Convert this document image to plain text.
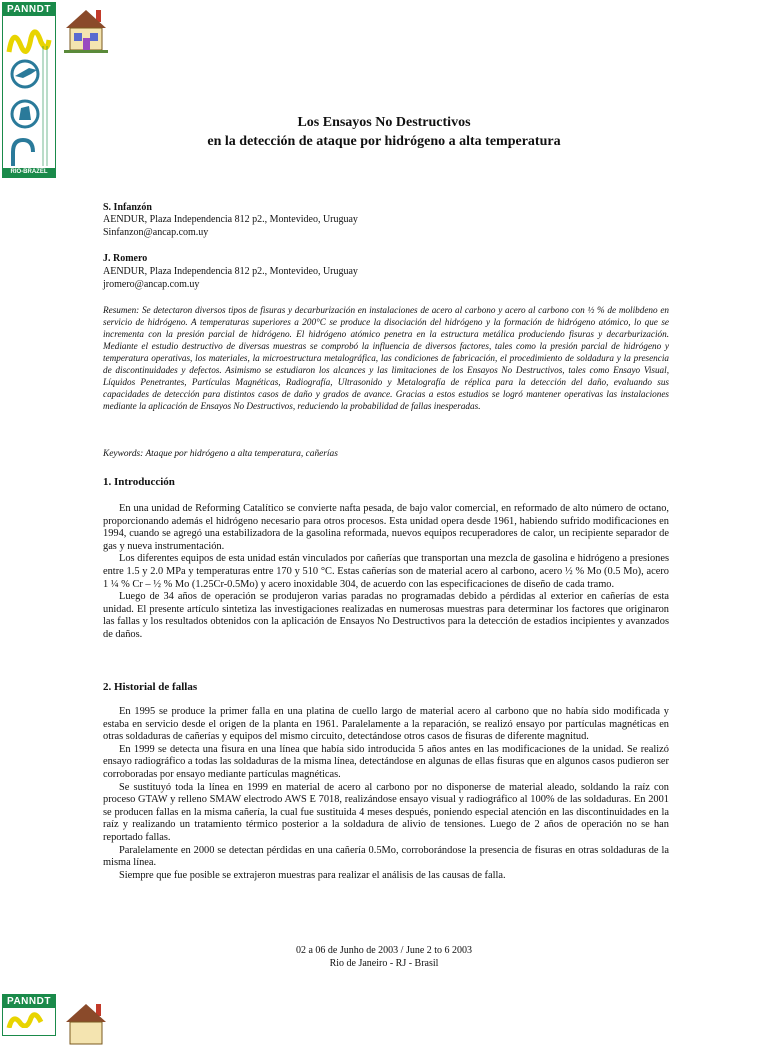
PANNDT
RIO-BRAZEL
Los Ensayos No Destructivos
en la detección de ataque por hidrógeno a alta temperatura
S. Infanzón
AENDUR, Plaza Independencia 812 p2., Montevideo, Uruguay
Sinfanzon@ancap.com.uy
J. Romero
AENDUR, Plaza Independencia 812 p2., Montevideo, Uruguay
jromero@ancap.com.uy
Resumen: Se detectaron diversos tipos de fisuras y decarburización en instalaciones de acero al carbono y acero al carbono con ½ % de molibdeno en servicio de hidrógeno. A temperaturas superiores a 200°C se produce la disociación del hidrógeno y la formación de hidrógeno atómico, lo que se incrementa con la presión parcial de hidrógeno. El hidrógeno atómico penetra en la estructura metálica produciendo fisuras y decarburización. Mediante el estudio destructivo de diversas muestras se comprobó la influencia de diversos factores, tales como la presión parcial de hidrógeno y temperatura operativas, los materiales, la microestructura metalográfica, las condiciones de fabricación, el procedimiento de soldadura y la presencia de discontinuidades y defectos. Asimismo se estudiaron los alcances y las limitaciones de los Ensayos No Destructivos, tales como Ensayo Visual, Líquidos Penetrantes, Partículas Magnéticas, Radiografía, Ultrasonido y Metalografía de réplica para la detección del daño, evaluando sus capacidades de detección para distintos casos de daño y grados de avance. Gracias a estos estudios se logró mantener operativas las instalaciones mediante la aplicación de Ensayos No Destructivos, reduciendo la probabilidad de fallas inesperadas.
Keywords: Ataque por hidrógeno a alta temperatura, cañerías
1. Introducción

En una unidad de Reforming Catalítico se convierte nafta pesada, de bajo valor comercial, en reformado de alto número de octano, proporcionando además el hidrógeno necesario para otros procesos. Esta unidad opera desde 1961, habiendo sufrido modificaciones en 1994, cuando se agregó una estabilizadora de la gasolina reformada, nuevos equipos recuperadores de calor, un recipiente separador de gas y nueva instrumentación.

Los diferentes equipos de esta unidad están vinculados por cañerías que transportan una mezcla de gasolina e hidrógeno a presiones entre 1.5 y 2.0 MPa y temperaturas entre 170 y 510 °C. Estas cañerías son de material acero al carbono, acero ½ % Mo (0.5 Mo), acero 1 ¼ % Cr – ½ % Mo (1.25Cr-0.5Mo) y acero inoxidable 304, de acuerdo con las especificaciones de diseño de cada tramo.

Luego de 34 años de operación se produjeron varias paradas no programadas debido a pérdidas al exterior en cañerías de esta unidad. El presente artículo sintetiza las investigaciones realizadas en numerosas muestras para determinar los factores que originaron las fallas y los resultados obtenidos con la aplicación de Ensayos No Destructivos para la detección de estadios incipientes y avanzados de daños.

2. Historial de fallas

En 1995 se produce la primer falla en una platina de cuello largo de material acero al carbono que no había sido modificada y estaba en servicio desde el origen de la planta en 1961. Paralelamente a la reparación, se realizó ensayo por partículas magnéticas en otras soldaduras de cañerías y equipos del mismo circuito, detectándose otros casos de fisuras de diferente magnitud.

En 1999 se detecta una fisura en una línea que había sido introducida 5 años antes en las modificaciones de la unidad. Se realizó ensayo radiográfico a todas las soldaduras de la misma línea, detectándose en algunas de ellas fisuras que en algunos casos pudieron ser corroboradas por ensayo mediante partículas magnéticas.

Se sustituyó toda la línea en 1999 en material de acero al carbono por no disponerse de material aleado, soldando la raíz con proceso GTAW y relleno SMAW electrodo AWS E 7018, realizándose ensayo visual y radiográfico al 100% de las soldaduras. En 2001 se producen fallas en la misma cañería, la cual fue sustituida 4 meses después, poniendo especial atención en las discontinuidades en la raíz y realizando un tratamiento térmico posterior a la soldadura de alivio de tensiones. Luego de 2 años de operación no se han reportado fallas.

Paralelamente en 2000 se detectan pérdidas en una cañería 0.5Mo, corroborándose la presencia de fisuras en otras soldaduras de la misma línea.

Siempre que fue posible se extrajeron muestras para realizar el análisis de las causas de falla.

02 a 06 de Junho de 2003 / June 2 to 6 2003
Rio de Janeiro - RJ - Brasil
PANNDT
